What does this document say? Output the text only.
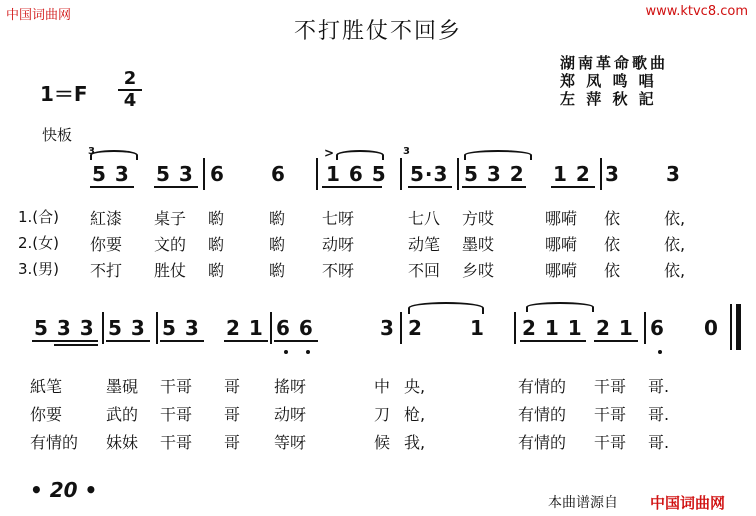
中国词曲网	www.ktvc8.com
不打胜仗不回乡
湖南革命歌曲
郑 凤 鸣 唱
左 萍 秋 記
1＝F
2
4
快板
3	3
>
5 3 5 3 6 6 1 6 5 5·3 5 3 2 1 2 3 3
1.(合) 紅漆 桌子 喲	喲 七呀	七八 方哎	哪嗬 依	依,
2.(女) 你要 文的 喲	喲 动呀	动笔 墨哎	哪嗬 依	依,
3.(男) 不打 胜仗 喲	喲 不呀	不回 乡哎	哪嗬 依	依,
5 3 3 5 3 5 3 2 1 6 6	3 2 1 2 1 1 2 1 6 0
紙笔	墨硯 干哥 哥 搖呀	中 央,	有情的 干哥 哥.
你要	武的 干哥 哥 动呀	刀 枪,	有情的 干哥 哥.
有情的 妹妹 干哥 哥 等呀	候 我,	有情的 干哥 哥.
• 20 •
本曲谱源自 中国词曲网
